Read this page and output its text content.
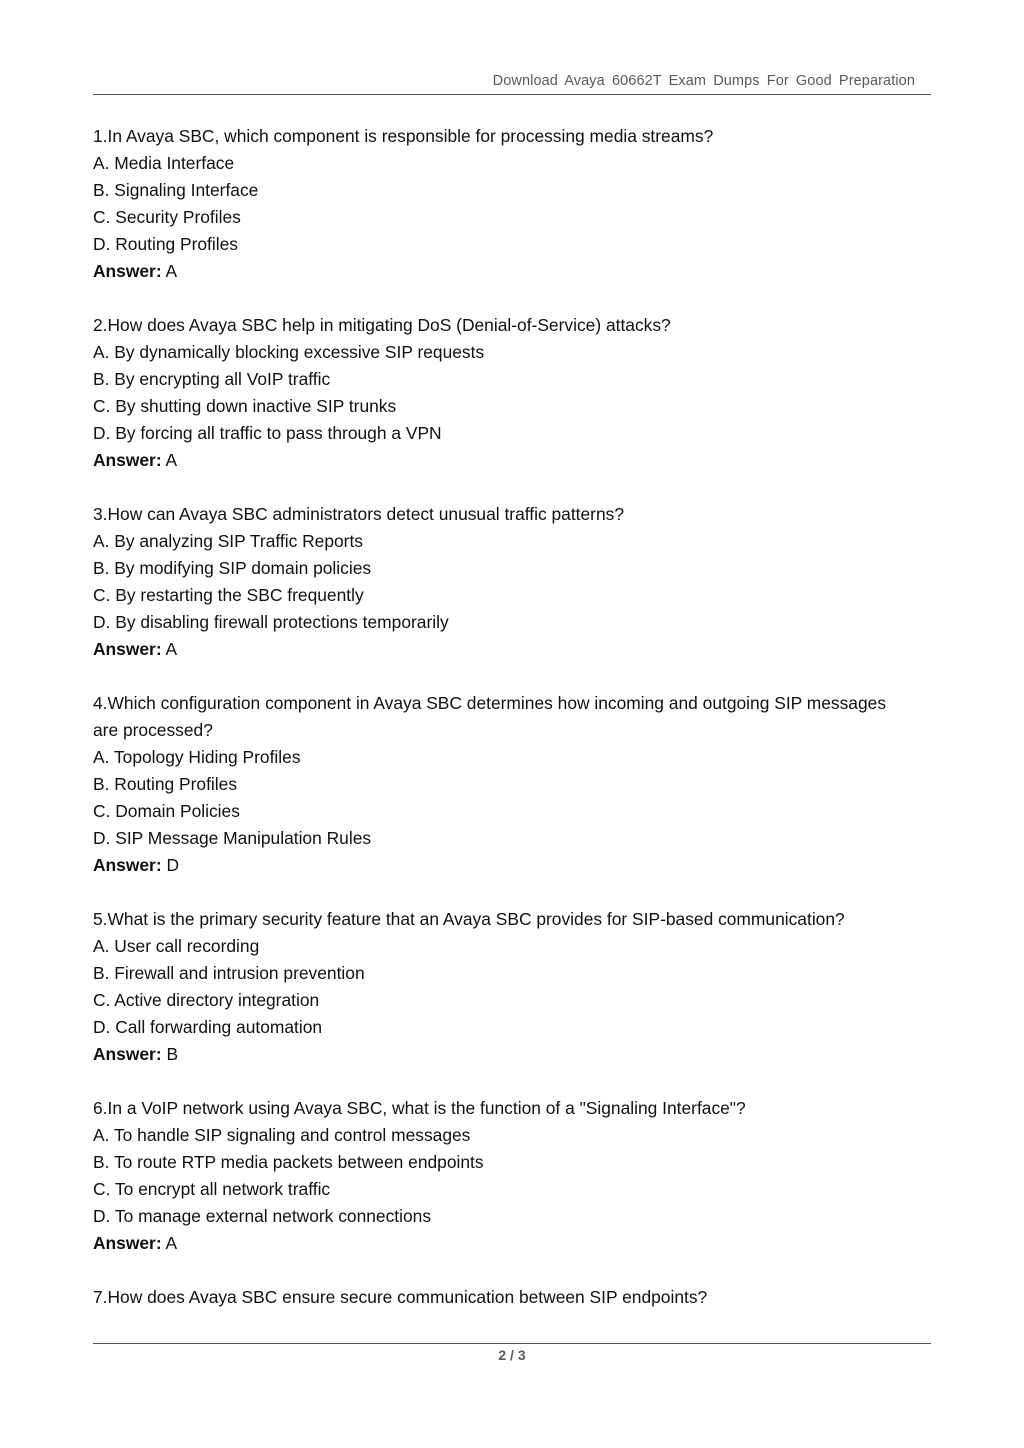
Download Avaya 60662T Exam Dumps For Good Preparation
1.In Avaya SBC, which component is responsible for processing media streams?
A. Media Interface
B. Signaling Interface
C. Security Profiles
D. Routing Profiles
Answer: A
2.How does Avaya SBC help in mitigating DoS (Denial-of-Service) attacks?
A. By dynamically blocking excessive SIP requests
B. By encrypting all VoIP traffic
C. By shutting down inactive SIP trunks
D. By forcing all traffic to pass through a VPN
Answer: A
3.How can Avaya SBC administrators detect unusual traffic patterns?
A. By analyzing SIP Traffic Reports
B. By modifying SIP domain policies
C. By restarting the SBC frequently
D. By disabling firewall protections temporarily
Answer: A
4.Which configuration component in Avaya SBC determines how incoming and outgoing SIP messages
are processed?
A. Topology Hiding Profiles
B. Routing Profiles
C. Domain Policies
D. SIP Message Manipulation Rules
Answer: D
5.What is the primary security feature that an Avaya SBC provides for SIP-based communication?
A. User call recording
B. Firewall and intrusion prevention
C. Active directory integration
D. Call forwarding automation
Answer: B
6.In a VoIP network using Avaya SBC, what is the function of a "Signaling Interface"?
A. To handle SIP signaling and control messages
B. To route RTP media packets between endpoints
C. To encrypt all network traffic
D. To manage external network connections
Answer: A
7.How does Avaya SBC ensure secure communication between SIP endpoints?
2 / 3
